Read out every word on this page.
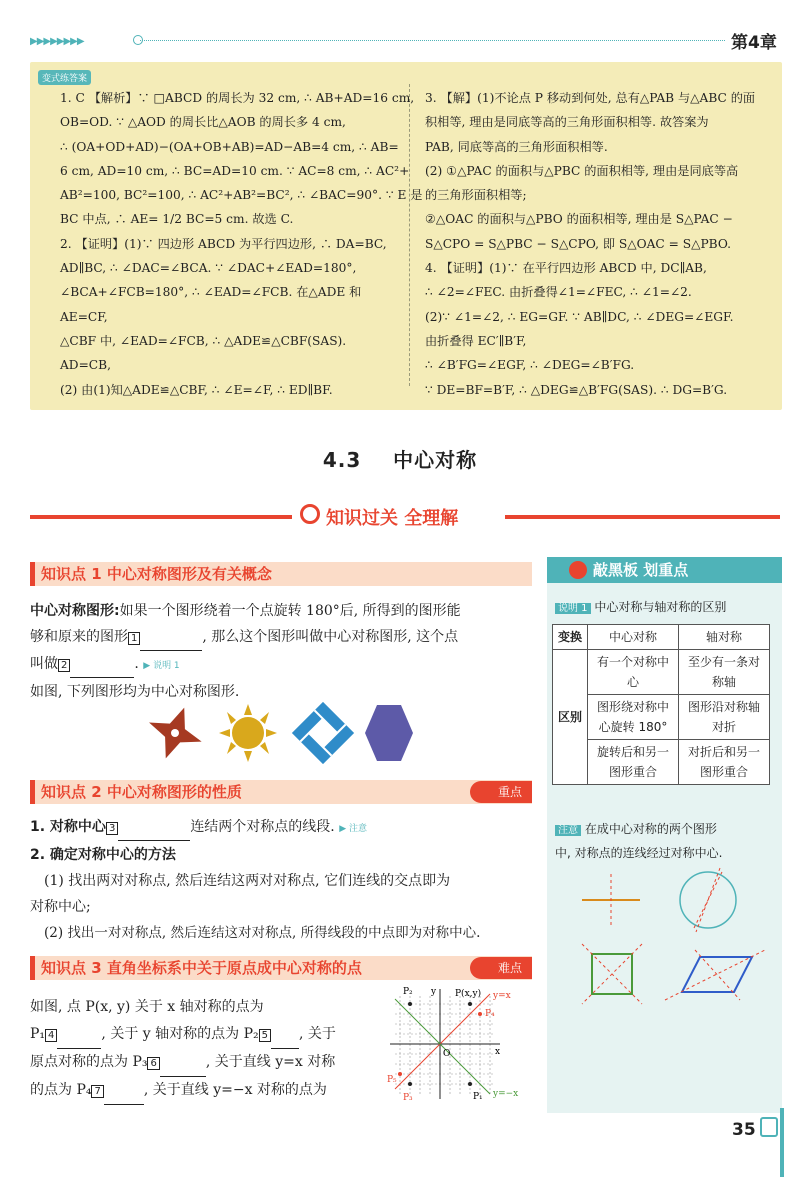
▶▶▶▶▶▶▶▶	第4章
变式练答案
1. C 【解析】∵ □ABCD 的周长为 32 cm, ∴ AB+AD=16 cm,
OB=OD. ∵ △AOD 的周长比△AOB 的周长多 4 cm,
∴ (OA+OD+AD)−(OA+OB+AB)=AD−AB=4 cm, ∴ AB=
6 cm, AD=10 cm, ∴ BC=AD=10 cm. ∵ AC=8 cm, ∴ AC²+
AB²=100, BC²=100, ∴ AC²+AB²=BC², ∴ ∠BAC=90°. ∵ E 是
BC 中点, ∴ AE= 1/2 BC=5 cm. 故选 C.
2. 【证明】(1)∵ 四边形 ABCD 为平行四边形, ∴ DA=BC,
AD∥BC, ∴ ∠DAC=∠BCA. ∵ ∠DAC+∠EAD=180°,
∠BCA+∠FCB=180°, ∴ ∠EAD=∠FCB. 在△ADE 和
AE=CF,
△CBF 中, ∠EAD=∠FCB, ∴ △ADE≌△CBF(SAS).
AD=CB,
(2) 由(1)知△ADE≌△CBF, ∴ ∠E=∠F, ∴ ED∥BF.
3. 【解】(1)不论点 P 移动到何处, 总有△PAB 与△ABC 的面
积相等, 理由是同底等高的三角形面积相等. 故答案为
PAB, 同底等高的三角形面积相等.
(2) ①△PAC 的面积与△PBC 的面积相等, 理由是同底等高
的三角形面积相等;
②△OAC 的面积与△PBO 的面积相等, 理由是 S△PAC −
S△CPO = S△PBC − S△CPO, 即 S△OAC = S△PBO.
4. 【证明】(1)∵ 在平行四边形 ABCD 中, DC∥AB,
∴ ∠2=∠FEC. 由折叠得∠1=∠FEC, ∴ ∠1=∠2.
(2)∵ ∠1=∠2, ∴ EG=GF. ∵ AB∥DC, ∴ ∠DEG=∠EGF.
由折叠得 EC′∥B′F,
∴ ∠B′FG=∠EGF, ∴ ∠DEG=∠B′FG.
∵ DE=BF=B′F, ∴ △DEG≌△B′FG(SAS). ∴ DG=B′G.
4.3 中心对称
知识过关 全理解
知识点 1 中心对称图形及有关概念
中心对称图形:如果一个图形绕着一个点旋转 180°后, 所得到的图形能
够和原来的图形 1	, 那么这个图形叫做中心对称图形, 这个点
叫做 2	. ▶ 说明 1
如图, 下列图形均为中心对称图形.
知识点 2 中心对称图形的性质	重点
1. 对称中心 3	连结两个对称点的线段. ▶ 注意
2. 确定对称中心的方法
(1) 找出两对对称点, 然后连结这两对对称点, 它们连线的交点即为
对称中心;
(2) 找出一对对称点, 然后连结这对对称点, 所得线段的中点即为对称中心.
知识点 3 直角坐标系中关于原点成中心对称的点	难点
如图, 点 P(x, y) 关于 x 轴对称的点为
P₁ 4	, 关于 y 轴对称的点为 P₂ 5 , 关于
原点对称的点为 P₃ 6	, 关于直线 y=x 对称
的点为 P₄ 7	, 关于直线 y=−x 对称的点为
P₂ y P(x,y) y=x
P₄
O	x
P₅
P₃	P₁ y=−x
敲黑板 划重点
说明 1 中心对称与轴对称的区别
变换	中心对称	轴对称
区别	有一个对称中心	至少有一条对称轴
	图形绕对称中心旋转 180°	图形沿对称轴对折
	旋转后和另一图形重合	对折后和另一图形重合
注意 在成中心对称的两个图形
中, 对称点的连线经过对称中心.
35
